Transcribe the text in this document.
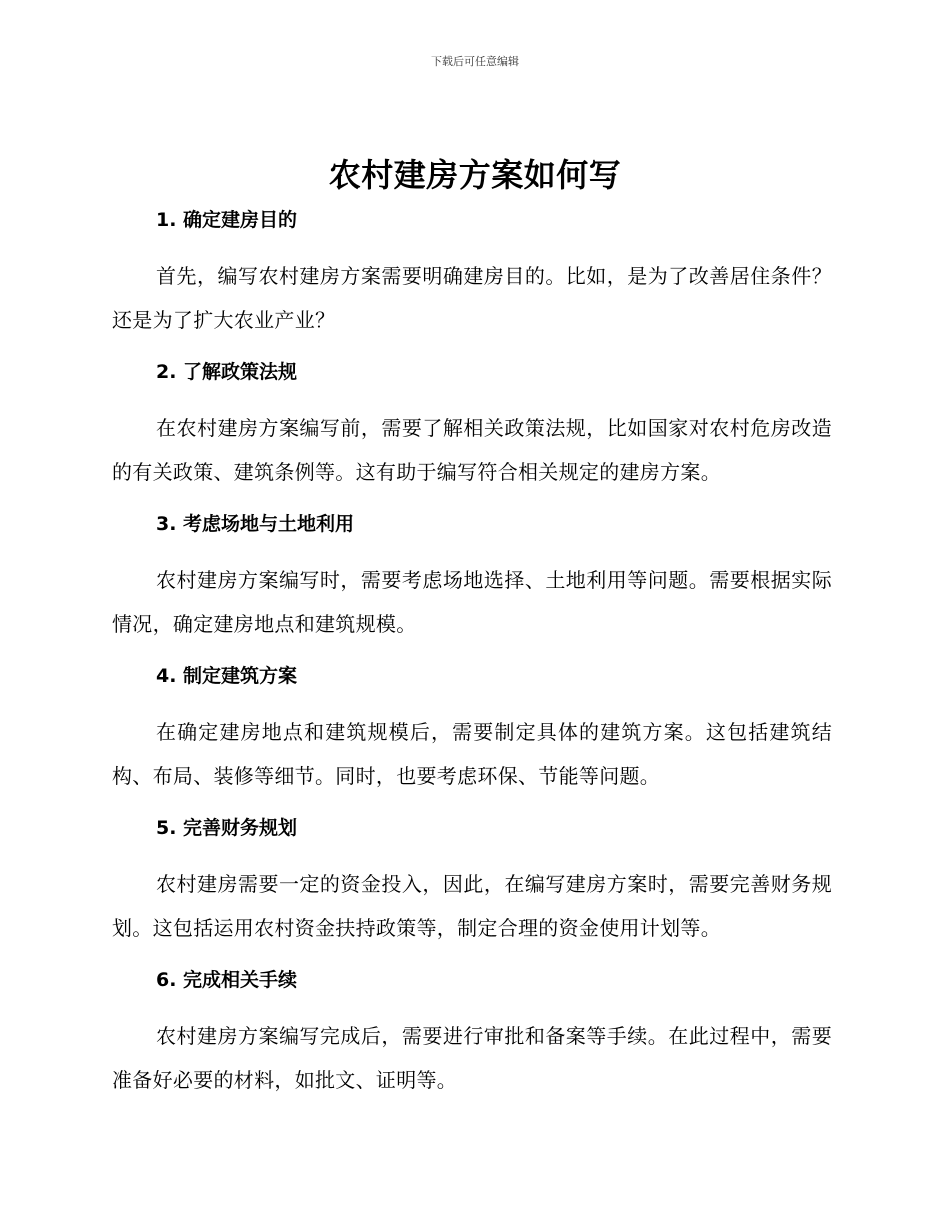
下载后可任意编辑
农村建房方案如何写
1. 确定建房目的

首先，编写农村建房方案需要明确建房目的。比如，是为了改善居住条件？还是为了扩大农业产业？

2. 了解政策法规

在农村建房方案编写前，需要了解相关政策法规，比如国家对农村危房改造的有关政策、建筑条例等。这有助于编写符合相关规定的建房方案。

3. 考虑场地与土地利用

农村建房方案编写时，需要考虑场地选择、土地利用等问题。需要根据实际情况，确定建房地点和建筑规模。

4. 制定建筑方案

在确定建房地点和建筑规模后，需要制定具体的建筑方案。这包括建筑结构、布局、装修等细节。同时，也要考虑环保、节能等问题。

5. 完善财务规划

农村建房需要一定的资金投入，因此，在编写建房方案时，需要完善财务规划。这包括运用农村资金扶持政策等，制定合理的资金使用计划等。

6. 完成相关手续

农村建房方案编写完成后，需要进行审批和备案等手续。在此过程中，需要准备好必要的材料，如批文、证明等。
